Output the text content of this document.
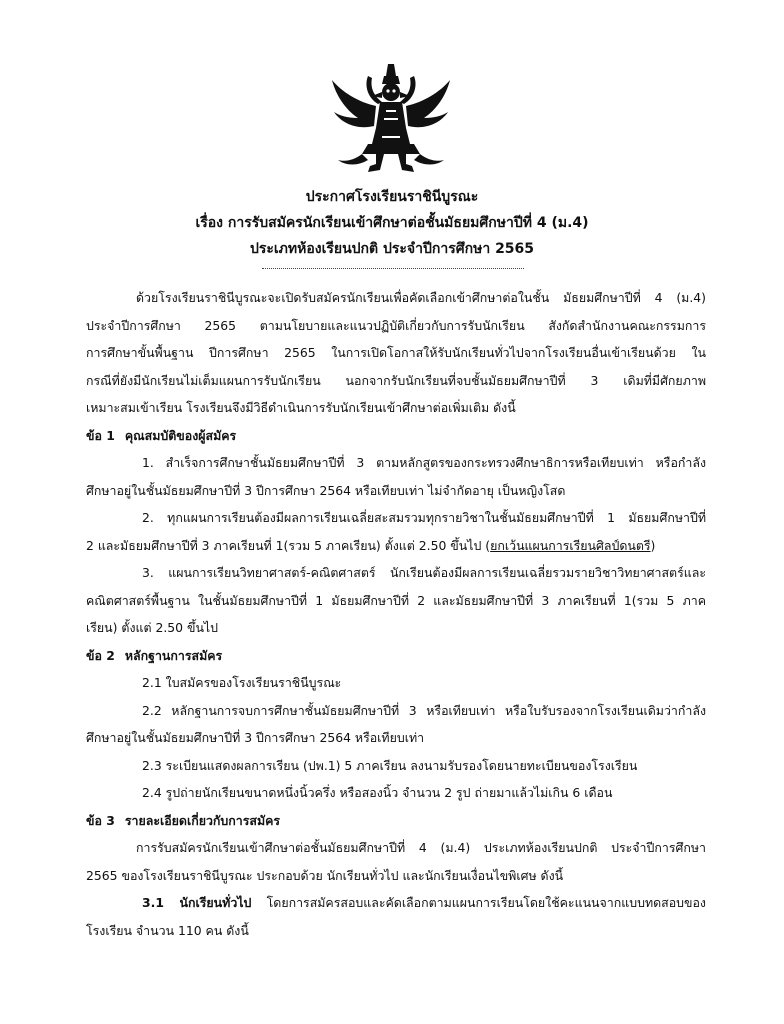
ประกาศโรงเรียนราชินีบูรณะ
เรื่อง การรับสมัครนักเรียนเข้าศึกษาต่อชั้นมัธยมศึกษาปีที่ 4 (ม.4)
ประเภทห้องเรียนปกติ ประจำปีการศึกษา 2565

ด้วยโรงเรียนราชินีบูรณะจะเปิดรับสมัครนักเรียนเพื่อคัดเลือกเข้าศึกษาต่อในชั้น มัธยมศึกษาปีที่ 4 (ม.4)

ประจำปีการศึกษา 2565 ตามนโยบายและแนวปฏิบัติเกี่ยวกับการรับนักเรียน สังกัดสำนักงานคณะกรรมการ

การศึกษาขั้นพื้นฐาน ปีการศึกษา 2565 ในการเปิดโอกาสให้รับนักเรียนทั่วไปจากโรงเรียนอื่นเข้าเรียนด้วย ใน

กรณีที่ยังมีนักเรียนไม่เต็มแผนการรับนักเรียน นอกจากรับนักเรียนที่จบชั้นมัธยมศึกษาปีที่ 3 เดิมที่มีศักยภาพ

เหมาะสมเข้าเรียน โรงเรียนจึงมีวิธีดำเนินการรับนักเรียนเข้าศึกษาต่อเพิ่มเติม ดังนี้

ข้อ 1 คุณสมบัติของผู้สมัคร

1. สำเร็จการศึกษาชั้นมัธยมศึกษาปีที่ 3 ตามหลักสูตรของกระทรวงศึกษาธิการหรือเทียบเท่า หรือกำลัง

ศึกษาอยู่ในชั้นมัธยมศึกษาปีที่ 3 ปีการศึกษา 2564 หรือเทียบเท่า ไม่จำกัดอายุ เป็นหญิงโสด

2. ทุกแผนการเรียนต้องมีผลการเรียนเฉลี่ยสะสมรวมทุกรายวิชาในชั้นมัธยมศึกษาปีที่ 1 มัธยมศึกษาปีที่

2 และมัธยมศึกษาปีที่ 3 ภาคเรียนที่ 1(รวม 5 ภาคเรียน) ตั้งแต่ 2.50 ขึ้นไป (ยกเว้นแผนการเรียนศิลป์ดนตรี)

3. แผนการเรียนวิทยาศาสตร์-คณิตศาสตร์ นักเรียนต้องมีผลการเรียนเฉลี่ยรวมรายวิชาวิทยาศาสตร์และ

คณิตศาสตร์พื้นฐาน ในชั้นมัธยมศึกษาปีที่ 1 มัธยมศึกษาปีที่ 2 และมัธยมศึกษาปีที่ 3 ภาคเรียนที่ 1(รวม 5 ภาค

เรียน) ตั้งแต่ 2.50 ขึ้นไป

ข้อ 2 หลักฐานการสมัคร

2.1 ใบสมัครของโรงเรียนราชินีบูรณะ

2.2 หลักฐานการจบการศึกษาชั้นมัธยมศึกษาปีที่ 3 หรือเทียบเท่า หรือใบรับรองจากโรงเรียนเดิมว่ากำลัง

ศึกษาอยู่ในชั้นมัธยมศึกษาปีที่ 3 ปีการศึกษา 2564 หรือเทียบเท่า

2.3 ระเบียนแสดงผลการเรียน (ปพ.1) 5 ภาคเรียน ลงนามรับรองโดยนายทะเบียนของโรงเรียน

2.4 รูปถ่ายนักเรียนขนาดหนึ่งนิ้วครึ่ง หรือสองนิ้ว จำนวน 2 รูป ถ่ายมาแล้วไม่เกิน 6 เดือน

ข้อ 3 รายละเอียดเกี่ยวกับการสมัคร

การรับสมัครนักเรียนเข้าศึกษาต่อชั้นมัธยมศึกษาปีที่ 4 (ม.4) ประเภทห้องเรียนปกติ ประจำปีการศึกษา

2565 ของโรงเรียนราชินีบูรณะ ประกอบด้วย นักเรียนทั่วไป และนักเรียนเงื่อนไขพิเศษ ดังนี้

3.1 นักเรียนทั่วไป โดยการสมัครสอบและคัดเลือกตามแผนการเรียนโดยใช้คะแนนจากแบบทดสอบของ

โรงเรียน จำนวน 110 คน ดังนี้
